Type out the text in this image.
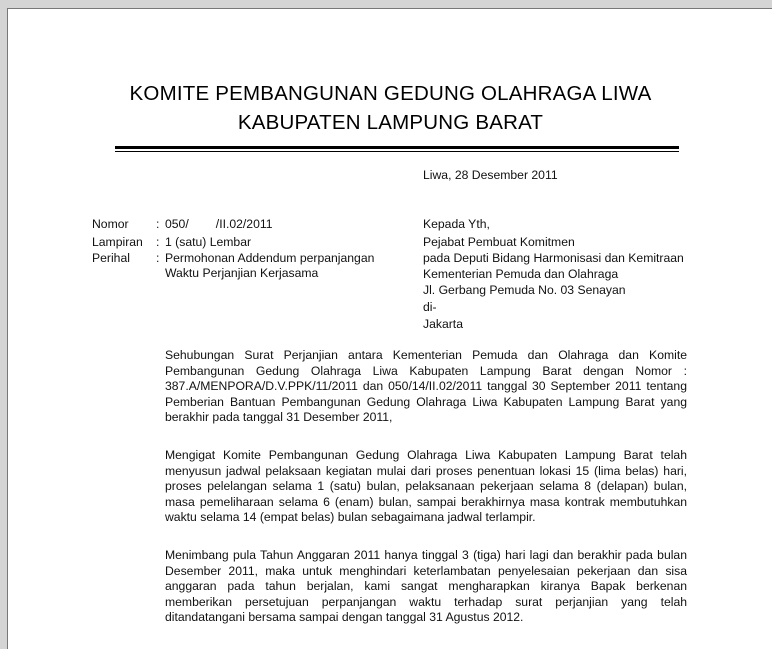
KOMITE PEMBANGUNAN GEDUNG OLAHRAGA LIWA
KABUPATEN LAMPUNG BARAT
Liwa, 28 Desember 2011
Nomor : 050/        /II.02/2011
Lampiran : 1 (satu) Lembar
Perihal : Permohonan Addendum perpanjangan
Waktu Perjanjian Kerjasama
Kepada Yth,
Pejabat Pembuat Komitmen
pada Deputi Bidang Harmonisasi dan Kemitraan
Kementerian Pemuda dan Olahraga
Jl. Gerbang Pemuda No. 03 Senayan
di-
Jakarta

Sehubungan Surat Perjanjian antara Kementerian Pemuda dan Olahraga dan Komite Pembangunan Gedung Olahraga Liwa Kabupaten Lampung Barat dengan Nomor : 387.A/MENPORA/D.V.PPK/11/2011 dan 050/14/II.02/2011 tanggal 30 September 2011 tentang Pemberian Bantuan Pembangunan Gedung Olahraga Liwa Kabupaten Lampung Barat yang berakhir pada tanggal 31 Desember 2011,

Mengigat Komite Pembangunan Gedung Olahraga Liwa Kabupaten Lampung Barat telah menyusun jadwal pelaksaan kegiatan mulai dari proses penentuan lokasi 15 (lima belas) hari, proses pelelangan selama 1 (satu) bulan, pelaksanaan pekerjaan selama 8 (delapan) bulan, masa pemeliharaan selama 6 (enam) bulan, sampai berakhirnya masa kontrak membutuhkan waktu selama 14 (empat belas) bulan sebagaimana jadwal terlampir.

Menimbang pula Tahun Anggaran 2011 hanya tinggal 3 (tiga) hari lagi dan berakhir pada bulan Desember 2011, maka untuk menghindari keterlambatan penyelesaian pekerjaan dan sisa anggaran pada tahun berjalan, kami sangat mengharapkan kiranya Bapak berkenan memberikan persetujuan perpanjangan waktu terhadap surat perjanjian yang telah ditandatangani bersama sampai dengan tanggal 31 Agustus 2012.
